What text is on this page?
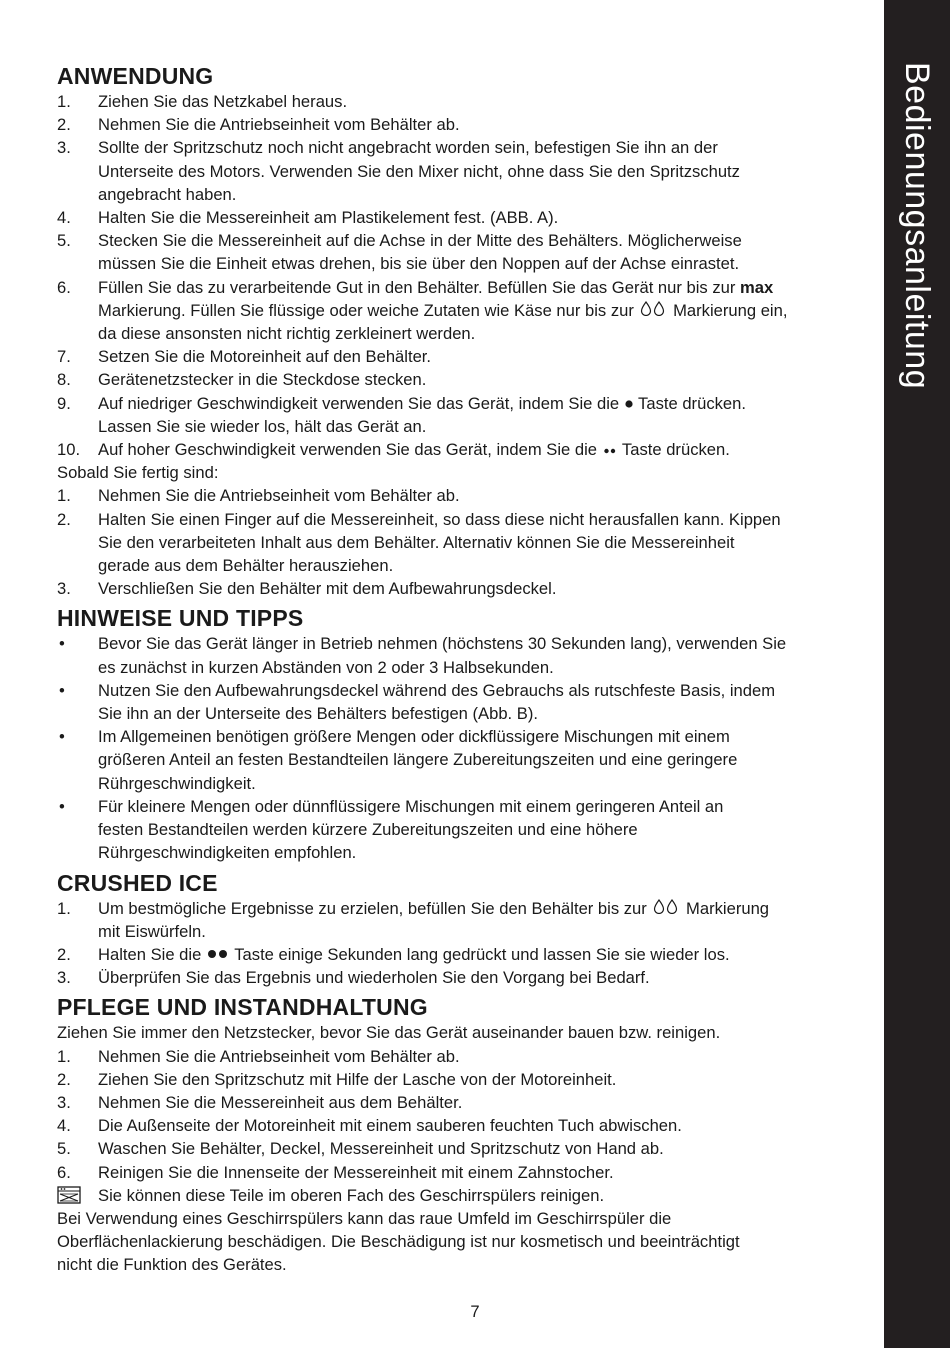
ANWENDUNG
1.	Ziehen Sie das Netzkabel heraus.
2.	Nehmen Sie die Antriebseinheit vom Behälter ab.
3.	Sollte der Spritzschutz noch nicht angebracht worden sein, befestigen Sie ihn an der
Unterseite des Motors. Verwenden Sie den Mixer nicht, ohne dass Sie den Spritzschutz
angebracht haben.
4.	Halten Sie die Messereinheit am Plastikelement fest. (ABB. A).
5.	Stecken Sie die Messereinheit auf die Achse in der Mitte des Behälters. Möglicherweise
müssen Sie die Einheit etwas drehen, bis sie über den Noppen auf der Achse einrastet.
6.	Füllen Sie das zu verarbeitende Gut in den Behälter. Befüllen Sie das Gerät nur bis zur max
Markierung. Füllen Sie flüssige oder weiche Zutaten wie Käse nur bis zur  Markierung ein,
da diese ansonsten nicht richtig zerkleinert werden.
7.	Setzen Sie die Motoreinheit auf den Behälter.
8.	Gerätenetzstecker in die Steckdose stecken.
9.	Auf niedriger Geschwindigkeit verwenden Sie das Gerät, indem Sie die  Taste drücken.
Lassen Sie sie wieder los, hält das Gerät an.
10.	Auf hoher Geschwindigkeit verwenden Sie das Gerät, indem Sie die  Taste drücken.
Sobald Sie fertig sind:
1.	Nehmen Sie die Antriebseinheit vom Behälter ab.
2.	Halten Sie einen Finger auf die Messereinheit, so dass diese nicht herausfallen kann. Kippen
Sie den verarbeiteten Inhalt aus dem Behälter. Alternativ können Sie die Messereinheit
gerade aus dem Behälter herausziehen.
3.	Verschließen Sie den Behälter mit dem Aufbewahrungsdeckel.
HINWEISE UND TIPPS
•	Bevor Sie das Gerät länger in Betrieb nehmen (höchstens 30 Sekunden lang), verwenden Sie
es zunächst in kurzen Abständen von 2 oder 3 Halbsekunden.
•	Nutzen Sie den Aufbewahrungsdeckel während des Gebrauchs als rutschfeste Basis, indem
Sie ihn an der Unterseite des Behälters befestigen (Abb. B).
•	Im Allgemeinen benötigen größere Mengen oder dickflüssigere Mischungen mit einem
größeren Anteil an festen Bestandteilen längere Zubereitungszeiten und eine geringere
Rührgeschwindigkeit.
•	Für kleinere Mengen oder dünnflüssigere Mischungen mit einem geringeren Anteil an
festen Bestandteilen werden kürzere Zubereitungszeiten und eine höhere
Rührgeschwindigkeiten empfohlen.
CRUSHED ICE
1.	Um bestmögliche Ergebnisse zu erzielen, befüllen Sie den Behälter bis zur  Markierung
mit Eiswürfeln.
2.	Halten Sie die  Taste einige Sekunden lang gedrückt und lassen Sie sie wieder los.
3.	Überprüfen Sie das Ergebnis und wiederholen Sie den Vorgang bei Bedarf.
PFLEGE UND INSTANDHALTUNG
Ziehen Sie immer den Netzstecker, bevor Sie das Gerät auseinander bauen bzw. reinigen.
1.	Nehmen Sie die Antriebseinheit vom Behälter ab.
2.	Ziehen Sie den Spritzschutz mit Hilfe der Lasche von der Motoreinheit.
3.	Nehmen Sie die Messereinheit aus dem Behälter.
4.	Die Außenseite der Motoreinheit mit einem sauberen feuchten Tuch abwischen.
5.	Waschen Sie Behälter, Deckel, Messereinheit und Spritzschutz von Hand ab.
6.	Reinigen Sie die Innenseite der Messereinheit mit einem Zahnstocher.
Sie können diese Teile im oberen Fach des Geschirrspülers reinigen.
Bei Verwendung eines Geschirrspülers kann das raue Umfeld im Geschirrspüler die
Oberflächenlackierung beschädigen. Die Beschädigung ist nur kosmetisch und beeinträchtigt
nicht die Funktion des Gerätes.
Bedienungsanleitung
7
